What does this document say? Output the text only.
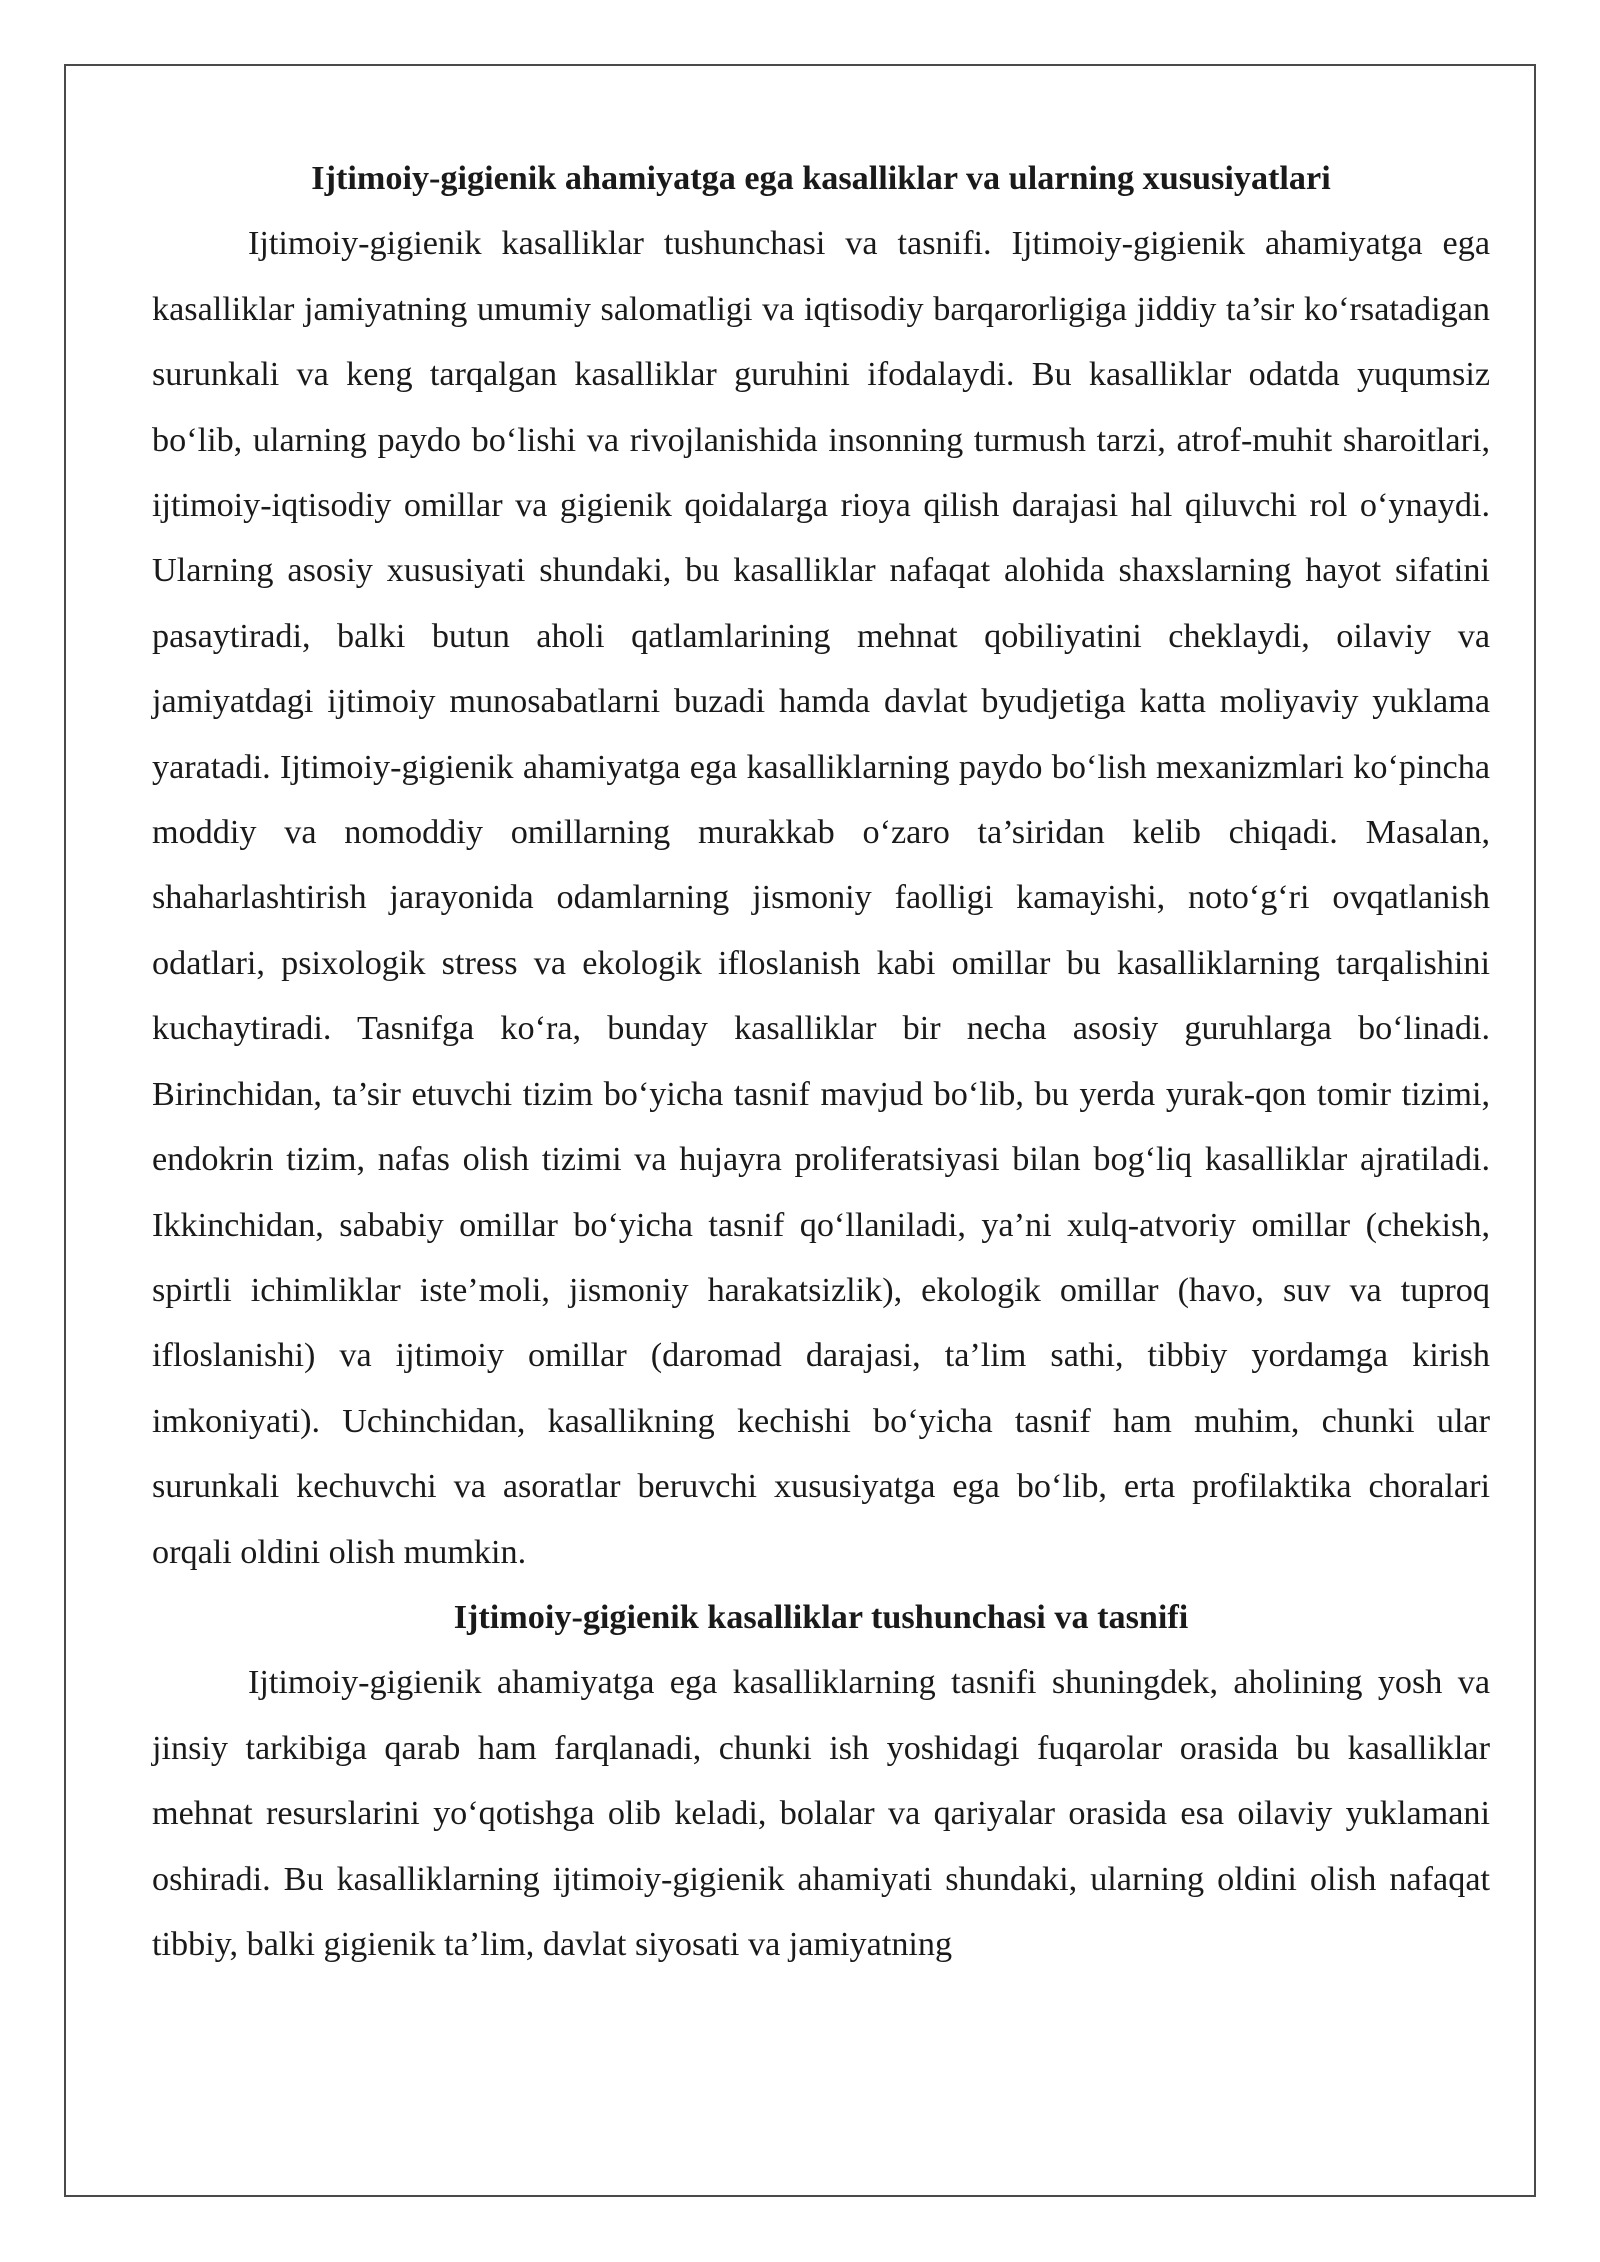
Ijtimoiy-gigienik ahamiyatga ega kasalliklar va ularning xususiyatlari

Ijtimoiy-gigienik kasalliklar tushunchasi va tasnifi. Ijtimoiy-gigienik ahamiyatga ega kasalliklar jamiyatning umumiy salomatligi va iqtisodiy barqarorligiga jiddiy ta’sir ko‘rsatadigan surunkali va keng tarqalgan kasalliklar guruhini ifodalaydi. Bu kasalliklar odatda yuqumsiz bo‘lib, ularning paydo bo‘lishi va rivojlanishida insonning turmush tarzi, atrof-muhit sharoitlari, ijtimoiy-iqtisodiy omillar va gigienik qoidalarga rioya qilish darajasi hal qiluvchi rol o‘ynaydi. Ularning asosiy xususiyati shundaki, bu kasalliklar nafaqat alohida shaxslarning hayot sifatini pasaytiradi, balki butun aholi qatlamlarining mehnat qobiliyatini cheklaydi, oilaviy va jamiyatdagi ijtimoiy munosabatlarni buzadi hamda davlat byudjetiga katta moliyaviy yuklama yaratadi. Ijtimoiy-gigienik ahamiyatga ega kasalliklarning paydo bo‘lish mexanizmlari ko‘pincha moddiy va nomoddiy omillarning murakkab o‘zaro ta’siridan kelib chiqadi. Masalan, shaharlashtirish jarayonida odamlarning jismoniy faolligi kamayishi, noto‘g‘ri ovqatlanish odatlari, psixologik stress va ekologik ifloslanish kabi omillar bu kasalliklarning tarqalishini kuchaytiradi. Tasnifga ko‘ra, bunday kasalliklar bir necha asosiy guruhlarga bo‘linadi. Birinchidan, ta’sir etuvchi tizim bo‘yicha tasnif mavjud bo‘lib, bu yerda yurak-qon tomir tizimi, endokrin tizim, nafas olish tizimi va hujayra proliferatsiyasi bilan bog‘liq kasalliklar ajratiladi. Ikkinchidan, sababiy omillar bo‘yicha tasnif qo‘llaniladi, ya’ni xulq-atvoriy omillar (chekish, spirtli ichimliklar iste’moli, jismoniy harakatsizlik), ekologik omillar (havo, suv va tuproq ifloslanishi) va ijtimoiy omillar (daromad darajasi, ta’lim sathi, tibbiy yordamga kirish imkoniyati). Uchinchidan, kasallikning kechishi bo‘yicha tasnif ham muhim, chunki ular surunkali kechuvchi va asoratlar beruvchi xususiyatga ega bo‘lib, erta profilaktika choralari orqali oldini olish mumkin.

Ijtimoiy-gigienik kasalliklar tushunchasi va tasnifi

Ijtimoiy-gigienik ahamiyatga ega kasalliklarning tasnifi shuningdek, aholining yosh va jinsiy tarkibiga qarab ham farqlanadi, chunki ish yoshidagi fuqarolar orasida bu kasalliklar mehnat resurslarini yo‘qotishga olib keladi, bolalar va qariyalar orasida esa oilaviy yuklamani oshiradi. Bu kasalliklarning ijtimoiy-gigienik ahamiyati shundaki, ularning oldini olish nafaqat tibbiy, balki gigienik ta’lim, davlat siyosati va jamiyatning
